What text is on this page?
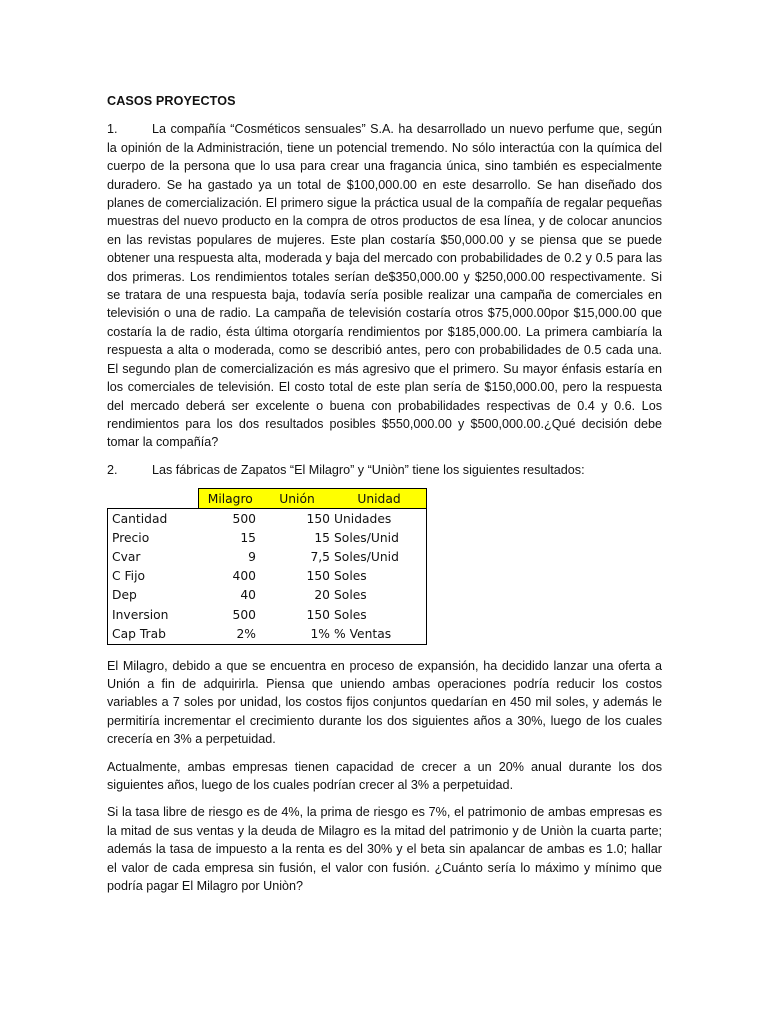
CASOS PROYECTOS

1.	La compañía “Cosméticos sensuales” S.A. ha desarrollado un nuevo perfume que, según la opinión de la Administración, tiene un potencial tremendo. No sólo interactúa con la química del cuerpo de la persona que lo usa para crear una fragancia única, sino también es especialmente duradero. Se ha gastado ya un total de $100,000.00 en este desarrollo. Se han diseñado dos planes de comercialización. El primero sigue la práctica usual de la compañía de regalar pequeñas muestras del nuevo producto en la compra de otros productos de esa línea, y de colocar anuncios en las revistas populares de mujeres. Este plan costaría $50,000.00 y se piensa que se puede obtener una respuesta alta, moderada y baja del mercado con probabilidades de 0.2 y 0.5 para las dos primeras. Los rendimientos totales serían de$350,000.00 y $250,000.00 respectivamente. Si se tratara de una respuesta baja, todavía sería posible realizar una campaña de comerciales en televisión o una de radio. La campaña de televisión costaría otros $75,000.00por $15,000.00 que costaría la de radio, ésta última otorgaría rendimientos por $185,000.00. La primera cambiaría la respuesta a alta o moderada, como se describió antes, pero con probabilidades de 0.5 cada una. El segundo plan de comercialización es más agresivo que el primero. Su mayor énfasis estaría en los comerciales de televisión. El costo total de este plan sería de $150,000.00, pero la respuesta del mercado deberá ser excelente o buena con probabilidades respectivas de 0.4 y 0.6. Los rendimientos para los dos resultados posibles $550,000.00 y $500,000.00.¿Qué decisión debe tomar la compañía?

2.	Las fábricas de Zapatos “El Milagro” y “Uniòn” tiene los siguientes resultados:

	Milagro	Unión	Unidad
Cantidad	500	150	Unidades
Precio	15	15	Soles/Unid
Cvar	9	7,5	Soles/Unid
C Fijo	400	150	Soles
Dep	40	20	Soles
Inversion	500	150	Soles
Cap Trab	2%	1%	% Ventas

El Milagro, debido a que se encuentra en proceso de expansión, ha decidido lanzar una oferta a Unión a fin de adquirirla. Piensa que uniendo ambas operaciones podría reducir los costos variables a 7 soles por unidad, los costos fijos conjuntos quedarían en 450 mil soles, y además le permitiría incrementar el crecimiento durante los dos siguientes años a 30%, luego de los cuales crecería en 3% a perpetuidad.

Actualmente, ambas empresas tienen capacidad de crecer a un 20% anual durante los dos siguientes años, luego de los cuales podrían crecer al 3% a perpetuidad.

Si la tasa libre de riesgo es de 4%, la prima de riesgo es 7%, el patrimonio de ambas empresas es la mitad de sus ventas y la deuda de Milagro es la mitad del patrimonio y de Uniòn la cuarta parte; además la tasa de impuesto a la renta es del 30% y el beta sin apalancar de ambas es 1.0; hallar el valor de cada empresa sin fusión, el valor con fusión. ¿Cuánto sería lo máximo y mínimo que podría pagar El Milagro por Uniòn?
